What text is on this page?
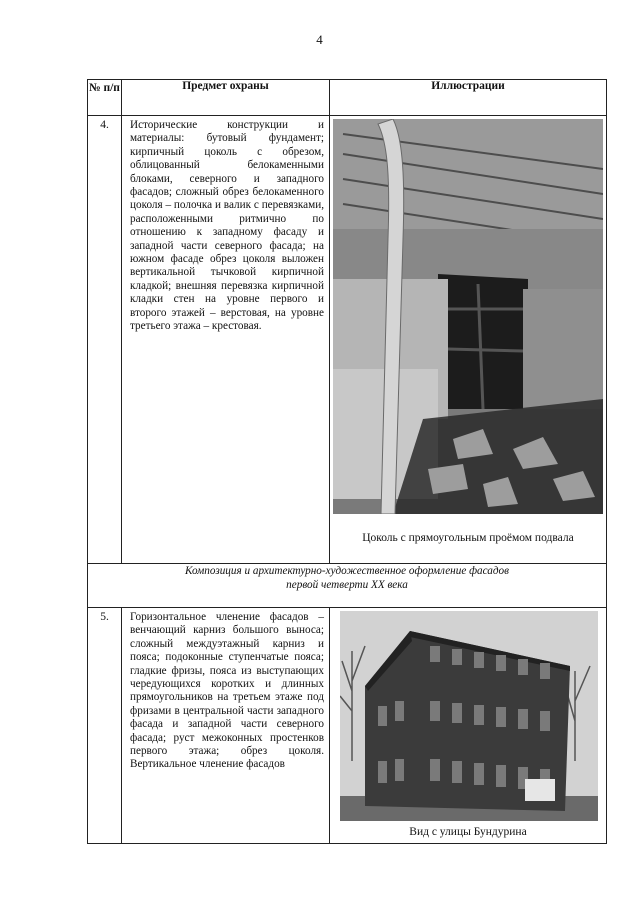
4
№ п/п	Предмет охраны	Иллюстрации
4.	Исторические конструкции и материалы: бутовый фундамент; кирпичный цоколь с обрезом, облицованный белокаменными блоками, северного и западного фасадов; сложный обрез белокаменного цоколя – полочка и валик с перевязками, расположенными ритмично по отношению к западному фасаду и западной части северного фасада; на южном фасаде обрез цоколя выложен вертикальной тычковой кирпичной кладкой; внешняя перевязка кирпичной кладки стен на уровне первого и второго этажей – верстовая, на уровне третьего этажа – крестовая.	Цоколь с прямоугольным проёмом подвала

Композиция и архитектурно-художественное оформление фасадов
первой четверти XX века		

5.	Горизонтальное членение фасадов – венчающий карниз большого выноса; сложный междуэтажный карниз и пояса; подоконные ступенчатые пояса; гладкие фризы, пояса из выступающих чередующихся коротких и длинных прямоугольников на третьем этаже под фризами в центральной части западного фасада и западной части северного фасада; руст межоконных простенков первого этажа; обрез цоколя. Вертикальное членение фасадов	Вид с улицы Бундурина
